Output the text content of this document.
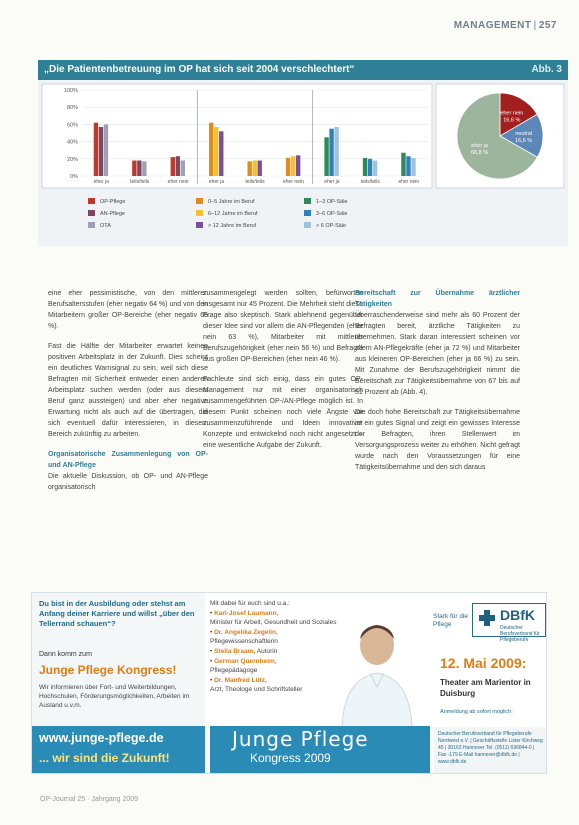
MANAGEMENT | 257
„Die Patientenbetreuung im OP hat sich seit 2004 verschlechtert“	Abb. 3
100%
80%
60%
40%
20%
0%
eher ja	teils/teils	eher nein
OP-Pflege
AN-Pflege
OTA
eher ja	teils/teils	eher nein
0–5 Jahre im Beruf
6–12 Jahre im Beruf
> 12 Jahre im Beruf
eher ja	teils/teils	eher nein
1–3 OP-Säle
3–6 OP-Säle
> 6 OP-Säle
eher nein
16,6 %
neutral
16,6 %
eher ja
66,8 %

eine eher pessimistische, von den mittleren Berufsaltersstufen (eher negativ 64 %) und von den Mitarbeitern großer OP-Bereiche (eher negativ 65 %).

Fast die Hälfte der Mitarbeiter erwartet keinen positiven Arbeitsplatz in der Zukunft. Dies scheint ein deutliches Warnsignal zu sein, weil sich diese Befragten mit Sicherheit entweder einen anderen Arbeitsplatz suchen werden (oder aus diesem Beruf ganz aussteigen) und aber eher negative Erwartung nicht als auch auf die übertragen, die sich eventuell dafür interessieren, in diesem Bereich zukünftig zu arbeiten.

Organisatorische Zusammenlegung von OP- und AN-Pflege

Die aktuelle Diskussion, ob OP- und AN-Pflege organisatorisch

zusammengelegt werden sollten, befürworten insgesamt nur 45 Prozent. Die Mehrheit steht diese Frage also skeptisch. Stark ablehnend gegenüber dieser Idee sind vor allem die AN-Pflegenden (eher nein 63 %), Mitarbeiter mit mittlerer Berufszugehörigkeit (eher nein 56 %) und Befragte aus großen OP-Bereichen (eher nein 46 %).

Fachleute sind sich einig, dass ein gutes OP-Management nur mit einer organisatorisch zusammengeführten OP-/AN-Pflege möglich ist. In diesem Punkt scheinen noch viele Ängste vor zusammenzuführende und Ideen innovativer Konzepte und entwickelnd noch nicht angesetzt – eine wesentliche Aufgabe der Zukunft.

Bereitschaft zur Übernahme ärztlicher Tätigkeiten

Überraschenderweise sind mehr als 60 Prozent der Befragten bereit, ärztliche Tätigkeiten zu übernehmen. Stark daran interessiert scheinen vor allem AN-Pflegekräfte (eher ja 72 %) und Mitarbeiter aus kleineren OP-Bereichen (eher ja 66 %) zu sein. Mit Zunahme der Berufszugehörigkeit nimmt die Bereitschaft zur Tätigkeitsübernahme von 67 bis auf 51 Prozent ab (Abb. 4).

Die doch hohe Bereitschaft zur Tätigkeitsübernahme ist ein gutes Signal und zeigt ein gewisses Interesse der Befragten, ihren Stellenwert im Versorgungsprozess weiter zu erhöhen. Nicht gefragt wurde nach den Voraussetzungen für eine Tätigkeitsübernahme und den sich daraus

Du bist in der Ausbildung oder stehst am Anfang deiner Karriere und willst „über den Tellerrand schauen“?
Dann komm zum
Junge Pflege Kongress!
Wir informieren über Fort- und Weiterbildungen, Hochschulen, Förderungsmöglichkeiten, Arbeiten im Ausland u.v.m.
www.junge-pflege.de
... wir sind die Zukunft!
Mit dabei für euch sind u.a.:
• Karl-Josef Laumann,
Minister für Arbeit, Gesundheit und Soziales
• Dr. Angelika Zegelin,
Pflegewissenschaftlerin
• Stella Braam, Autorin
• German Quernheim,
Pflegepädagoge
• Dr. Manfred Lütz,
Arzt, Theologe und Schriftsteller
Junge Pflege
Kongress 2009
Stark für die Pflege
DBfK
Deutscher Berufsverband für Pflegeberufe
12. Mai 2009:
Theater am Marientor in Duisburg
Anmeldung ab sofort möglich:
Deutscher Berufsverband für Pflegeberufe Nordwest e.V. | Geschäftsstelle Lister Kirchweg 45 | 30163 Hannover Tel. (0511) 696844-0 | Fax -179 E-Mail hannover@dbfk.de | www.dbfk.de
OP-Journal 25 · Jahrgang 2009
